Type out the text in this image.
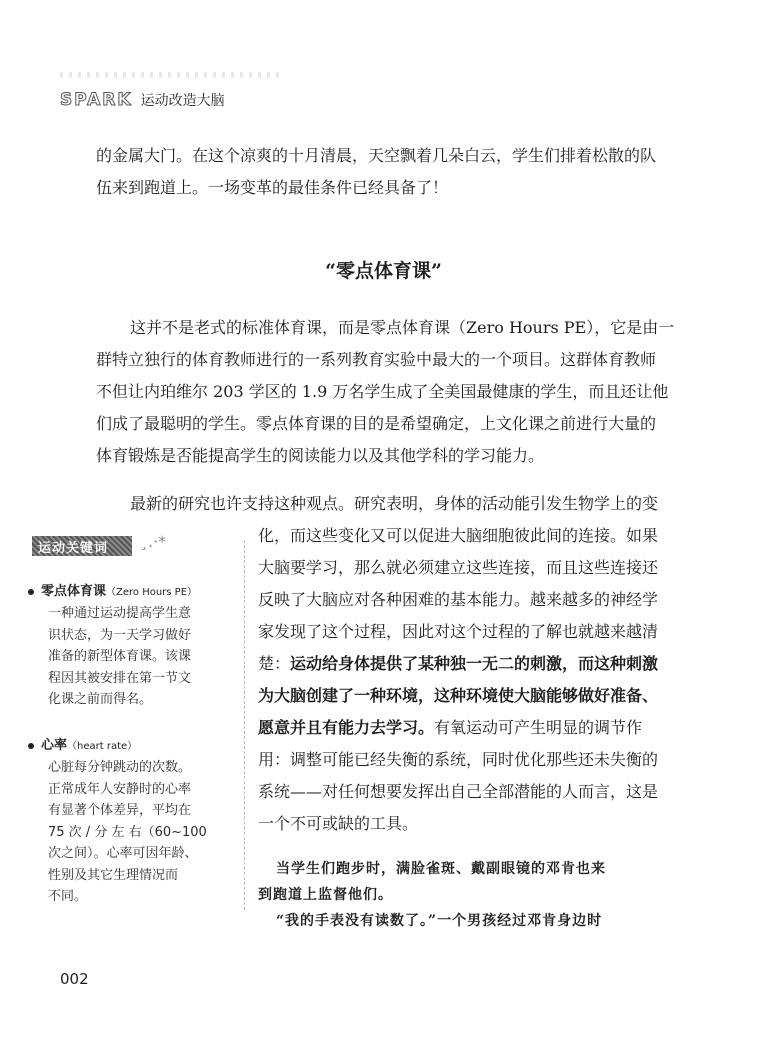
SPARK 运动改造大脑

的金属大门。在这个凉爽的十月清晨，天空飘着几朵白云，学生们排着松散的队

伍来到跑道上。一场变革的最佳条件已经具备了！

“零点体育课”

这并不是老式的标准体育课，而是零点体育课（Zero Hours PE），它是由一

群特立独行的体育教师进行的一系列教育实验中最大的一个项目。这群体育教师

不但让内珀维尔 203 学区的 1.9 万名学生成了全美国最健康的学生，而且还让他

们成了最聪明的学生。零点体育课的目的是希望确定，上文化课之前进行大量的

体育锻炼是否能提高学生的阅读能力以及其他学科的学习能力。

最新的研究也许支持这种观点。研究表明，身体的活动能引发生物学上的变

化，而这些变化又可以促进大脑细胞彼此间的连接。如果

大脑要学习，那么就必须建立这些连接，而且这些连接还

反映了大脑应对各种困难的基本能力。越来越多的神经学

家发现了这个过程，因此对这个过程的了解也就越来越清

楚：运动给身体提供了某种独一无二的刺激，而这种刺激

为大脑创建了一种环境，这种环境使大脑能够做好准备、

愿意并且有能力去学习。有氧运动可产生明显的调节作

用：调整可能已经失衡的系统，同时优化那些还未失衡的

系统——对任何想要发挥出自己全部潜能的人而言，这是

一个不可或缺的工具。

运动关键词 ¸.·*
零点体育课（Zero Hours PE）
一种通过运动提高学生意
识状态，为一天学习做好
准备的新型体育课。该课
程因其被安排在第一节文
化课之前而得名。
心率（heart rate）
心脏每分钟跳动的次数。
正常成年人安静时的心率
有显著个体差异，平均在
75 次 / 分 左 右（60~100
次之间）。心率可因年龄、
性别及其它生理情况而
不同。
当学生们跑步时，满脸雀斑、戴副眼镜的邓肯也来
到跑道上监督他们。
“我的手表没有读数了。”一个男孩经过邓肯身边时
002
